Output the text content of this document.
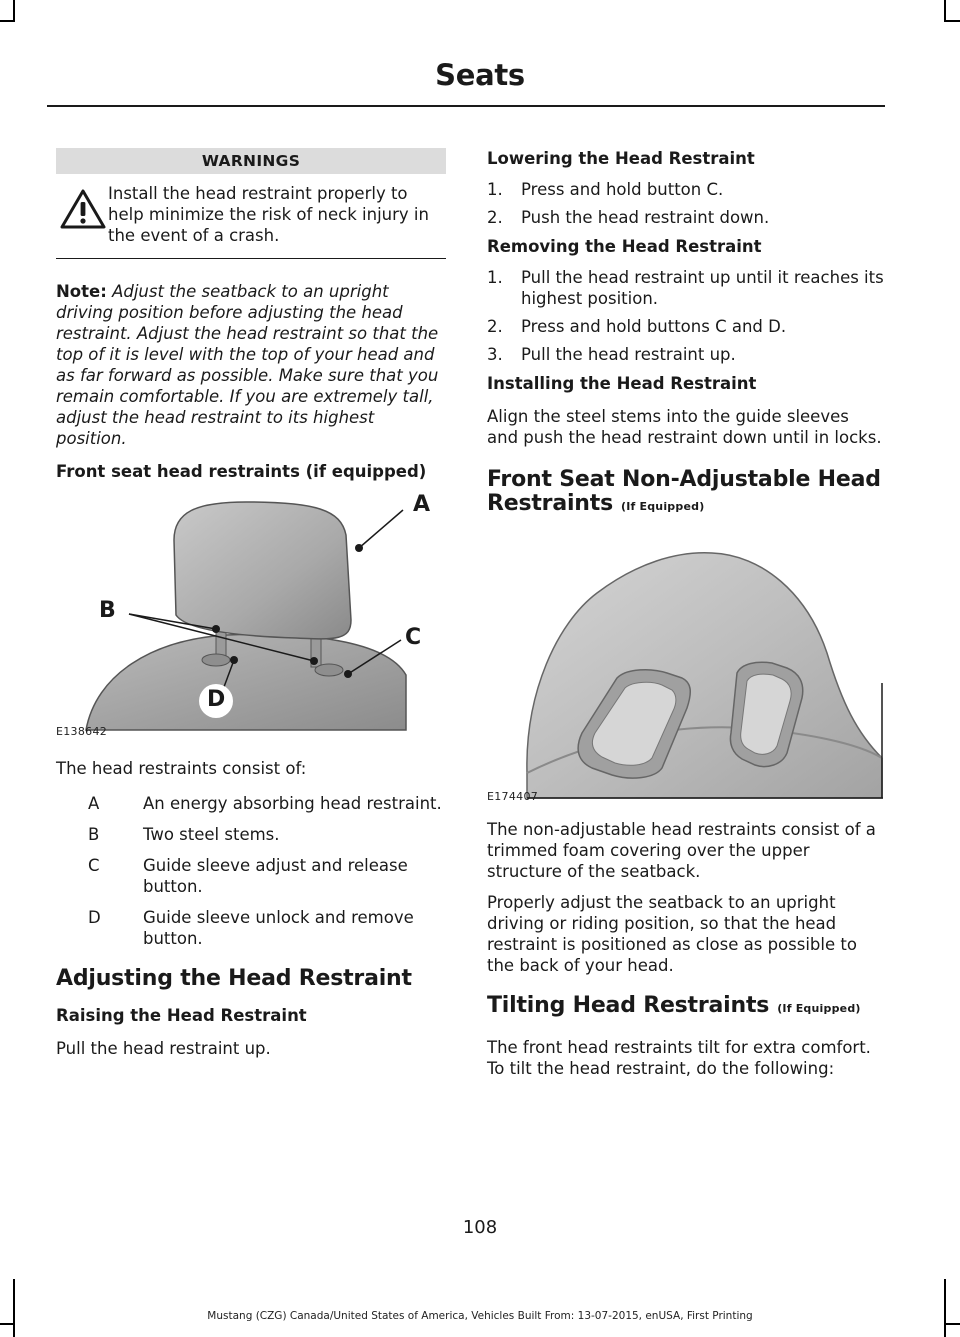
Seats
WARNINGS
Install the head restraint properly to help minimize the risk of neck injury in the event of a crash.

Note: Adjust the seatback to an upright driving position before adjusting the head restraint. Adjust the head restraint so that the top of it is level with the top of your head and as far forward as possible. Make sure that you remain comfortable. If you are extremely tall, adjust the head restraint to its highest position.

Front seat head restraints (if equipped)
A
B
C
D
E138642

The head restraints consist of:

A	An energy absorbing head restraint.
B	Two steel stems.
C	Guide sleeve adjust and release button.
D	Guide sleeve unlock and remove button.
Adjusting the Head Restraint
Raising the Head Restraint

Pull the head restraint up.

Lowering the Head Restraint
1.	Press and hold button C.
2.	Push the head restraint down.
Removing the Head Restraint
1.	Pull the head restraint up until it reaches its highest position.
2.	Press and hold buttons C and D.
3.	Pull the head restraint up.
Installing the Head Restraint

Align the steel stems into the guide sleeves and push the head restraint down until in locks.

Front Seat Non-Adjustable Head
Restraints (If Equipped)
E174407

The non-adjustable head restraints consist of a trimmed foam covering over the upper structure of the seatback.

Properly adjust the seatback to an upright driving or riding position, so that the head restraint is positioned as close as possible to the back of your head.

Tilting Head Restraints (If Equipped)

The front head restraints tilt for extra comfort. To tilt the head restraint, do the following:

108
Mustang (CZG) Canada/United States of America, Vehicles Built From: 13-07-2015, enUSA, First Printing
